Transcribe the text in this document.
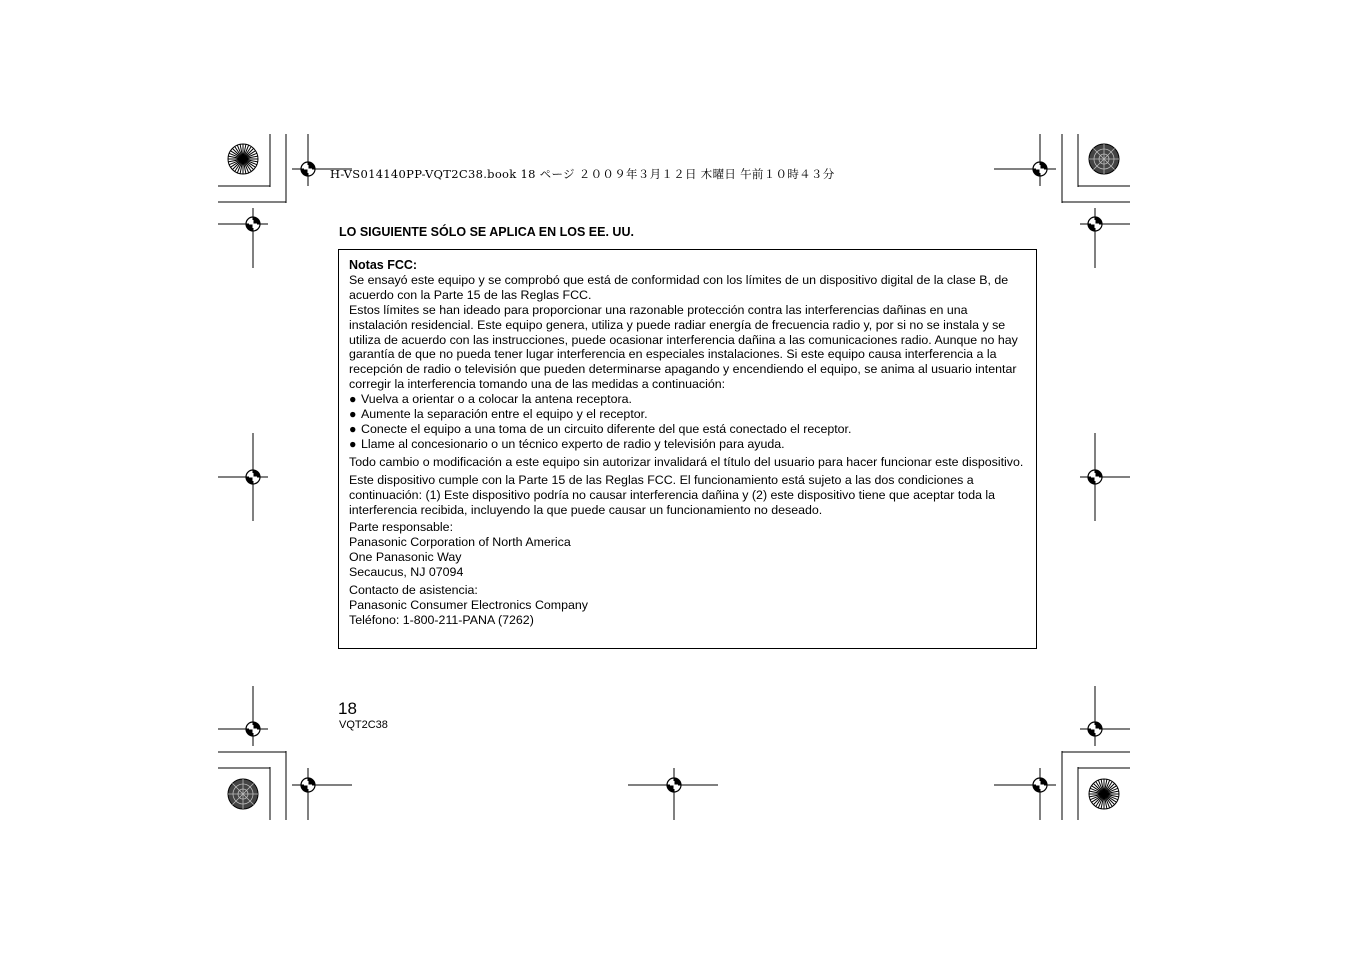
H-VS014140PP-VQT2C38.book 18 ページ ２００９年３月１２日 木曜日 午前１０時４３分
LO SIGUIENTE SÓLO SE APLICA EN LOS EE. UU.

Notas FCC:

Se ensayó este equipo y se comprobó que está de conformidad con los límites de un dispositivo digital de la clase B, de acuerdo con la Parte 15 de las Reglas FCC.

Estos límites se han ideado para proporcionar una razonable protección contra las interferencias dañinas en una instalación residencial. Este equipo genera, utiliza y puede radiar energía de frecuencia radio y, por si no se instala y se utiliza de acuerdo con las instrucciones, puede ocasionar interferencia dañina a las comunicaciones radio. Aunque no hay garantía de que no pueda tener lugar interferencia en especiales instalaciones. Si este equipo causa interferencia a la recepción de radio o televisión que pueden determinarse apagando y encendiendo el equipo, se anima al usuario intentar corregir la interferencia tomando una de las medidas a continuación:

● Vuelva a orientar o a colocar la antena receptora.
● Aumente la separación entre el equipo y el receptor.
● Conecte el equipo a una toma de un circuito diferente del que está conectado el receptor.
● Llame al concesionario o un técnico experto de radio y televisión para ayuda.

Todo cambio o modificación a este equipo sin autorizar invalidará el título del usuario para hacer funcionar este dispositivo.

Este dispositivo cumple con la Parte 15 de las Reglas FCC. El funcionamiento está sujeto a las dos condiciones a continuación: (1) Este dispositivo podría no causar interferencia dañina y (2) este dispositivo tiene que aceptar toda la interferencia recibida, incluyendo la que puede causar un funcionamiento no deseado.

Parte responsable:

Panasonic Corporation of North America

One Panasonic Way

Secaucus, NJ 07094

Contacto de asistencia:

Panasonic Consumer Electronics Company

Teléfono: 1-800-211-PANA (7262)

18
VQT2C38
